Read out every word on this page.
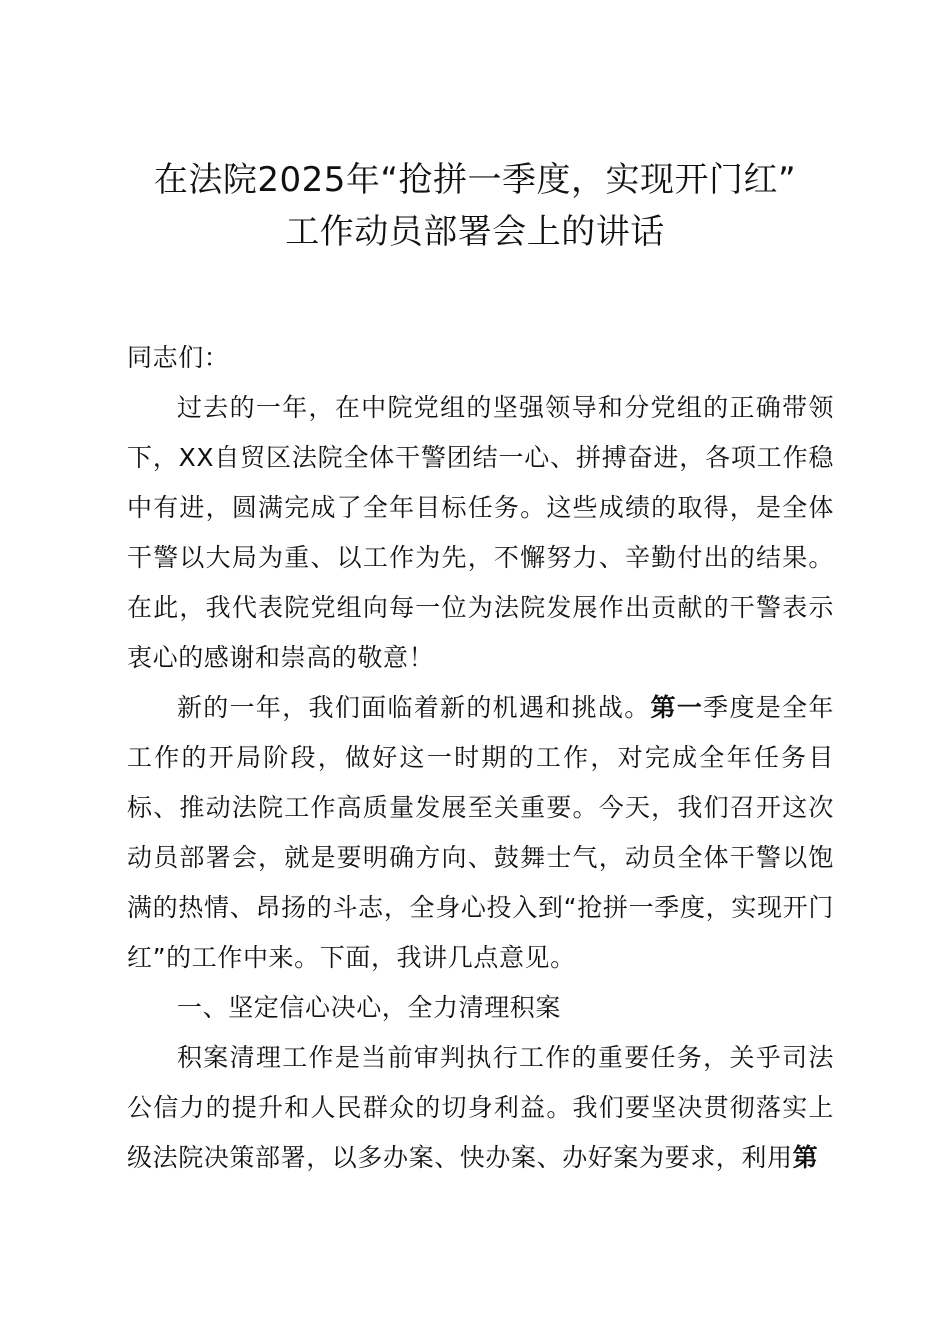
在法院2025年“抢拼一季度，实现开门红”
工作动员部署会上的讲话

同志们：

过去的一年，在中院党组的坚强领导和分党组的正确带领下，XX自贸区法院全体干警团结一心、拼搏奋进，各项工作稳中有进，圆满完成了全年目标任务。这些成绩的取得，是全体干警以大局为重、以工作为先，不懈努力、辛勤付出的结果。在此，我代表院党组向每一位为法院发展作出贡献的干警表示衷心的感谢和崇高的敬意！

新的一年，我们面临着新的机遇和挑战。第一季度是全年工作的开局阶段，做好这一时期的工作，对完成全年任务目标、推动法院工作高质量发展至关重要。今天，我们召开这次动员部署会，就是要明确方向、鼓舞士气，动员全体干警以饱满的热情、昂扬的斗志，全身心投入到“抢拼一季度，实现开门红”的工作中来。下面，我讲几点意见。

一、坚定信心决心，全力清理积案

积案清理工作是当前审判执行工作的重要任务，关乎司法公信力的提升和人民群众的切身利益。我们要坚决贯彻落实上级法院决策部署，以多办案、快办案、办好案为要求，利用第
